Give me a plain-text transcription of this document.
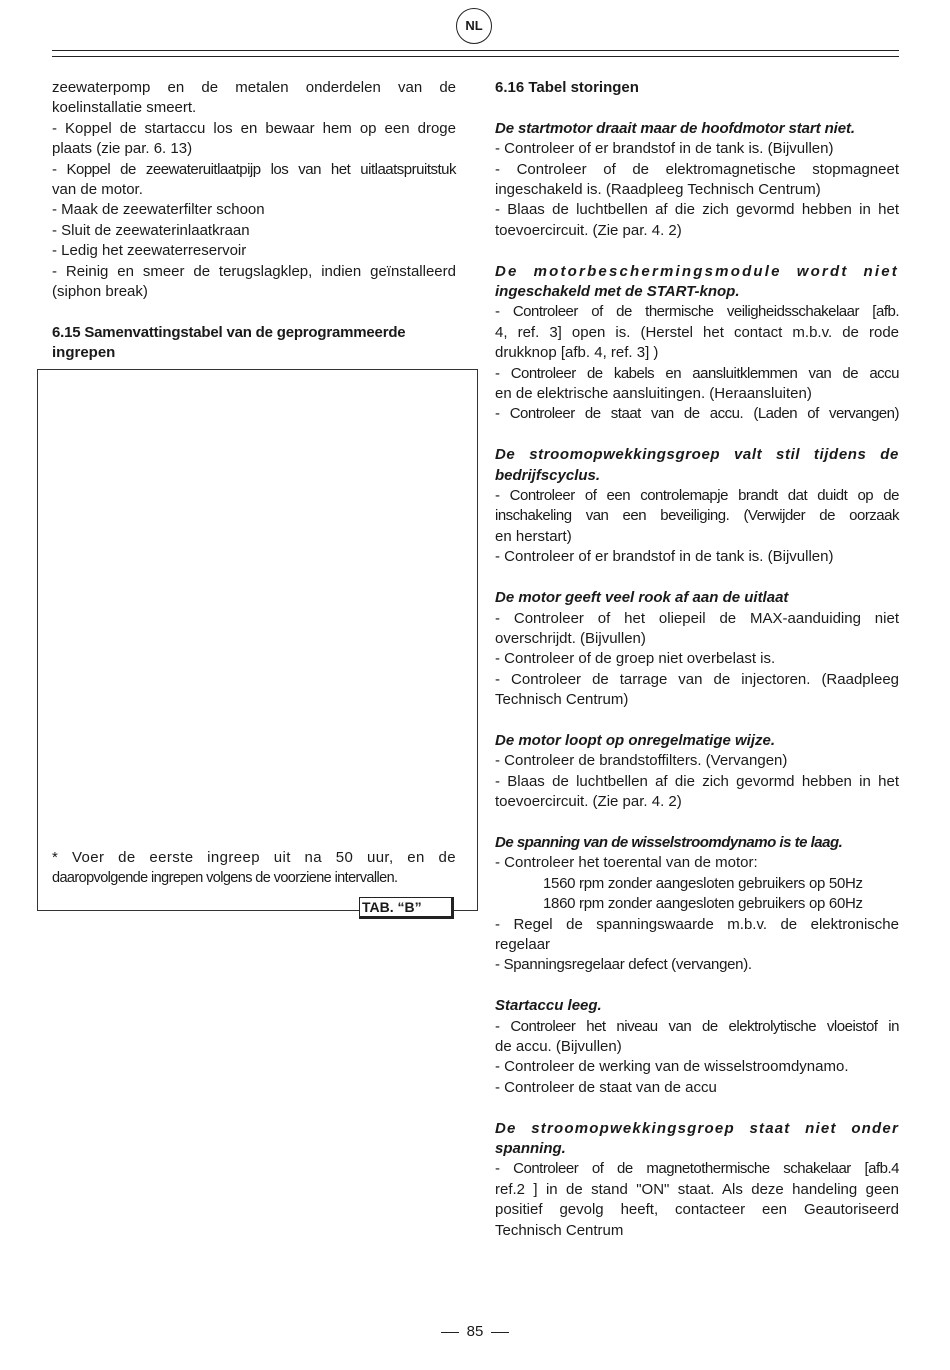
NL

zeewaterpomp en de metalen onderdelen van de

koelinstallatie smeert.

- Koppel de startaccu los en bewaar hem op een droge

plaats (zie par. 6. 13)

- Koppel de zeewateruitlaatpijp los van het uitlaatspruitstuk

van de motor.

- Maak de zeewaterfilter schoon

- Sluit de zeewaterinlaatkraan

- Ledig het zeewaterreservoir

- Reinig en smeer de terugslagklep, indien geïnstalleerd

(siphon break)

6.15 Samenvattingstabel van de geprogrammeerde

ingrepen

* Voer de eerste ingreep uit na 50 uur, en de

daaropvolgende ingrepen volgens de voorziene intervallen.

TAB. “B”

6.16 Tabel storingen

De startmotor draait maar de hoofdmotor start niet.

- Controleer of er brandstof in de tank is. (Bijvullen)

- Controleer of de elektromagnetische stopmagneet

ingeschakeld is. (Raadpleeg Technisch Centrum)

- Blaas de luchtbellen af die zich gevormd hebben in het

toevoercircuit. (Zie par. 4. 2)

De motorbeschermingsmodule wordt niet

ingeschakeld met de START-knop.

- Controleer of de thermische veiligheidsschakelaar [afb.

4, ref. 3] open is. (Herstel het contact m.b.v. de rode

drukknop [afb. 4, ref. 3] )

- Controleer de kabels en aansluitklemmen van de accu

en de elektrische aansluitingen. (Heraansluiten)

- Controleer de staat van de accu. (Laden of vervangen)

De stroomopwekkingsgroep valt stil tijdens de

bedrijfscyclus.

- Controleer of een controlemapje brandt dat duidt op de

inschakeling van een beveiliging. (Verwijder de oorzaak

en herstart)

- Controleer of er brandstof in de tank is. (Bijvullen)

De motor geeft veel rook af aan de uitlaat

- Controleer of het oliepeil de MAX-aanduiding niet

overschrijdt. (Bijvullen)

- Controleer of de groep niet overbelast is.

- Controleer de tarrage van de injectoren. (Raadpleeg

Technisch Centrum)

De motor loopt op onregelmatige wijze.

- Controleer de brandstoffilters. (Vervangen)

- Blaas de luchtbellen af die zich gevormd hebben in het

toevoercircuit. (Zie par. 4. 2)

De spanning van de wisselstroomdynamo is te laag.

- Controleer het toerental van de motor:

1560 rpm zonder aangesloten gebruikers op 50Hz

1860 rpm zonder aangesloten gebruikers op 60Hz

- Regel de spanningswaarde m.b.v. de elektronische

regelaar

- Spanningsregelaar defect (vervangen).

Startaccu leeg.

- Controleer het niveau van de elektrolytische vloeistof in

de accu. (Bijvullen)

- Controleer de werking van de wisselstroomdynamo.

- Controleer de staat van de accu

De stroomopwekkingsgroep staat niet onder

spanning.

- Controleer of de magnetothermische schakelaar [afb.4

ref.2 ] in de stand "ON" staat. Als deze handeling geen

positief gevolg heeft, contacteer een Geautoriseerd

Technisch Centrum

85
